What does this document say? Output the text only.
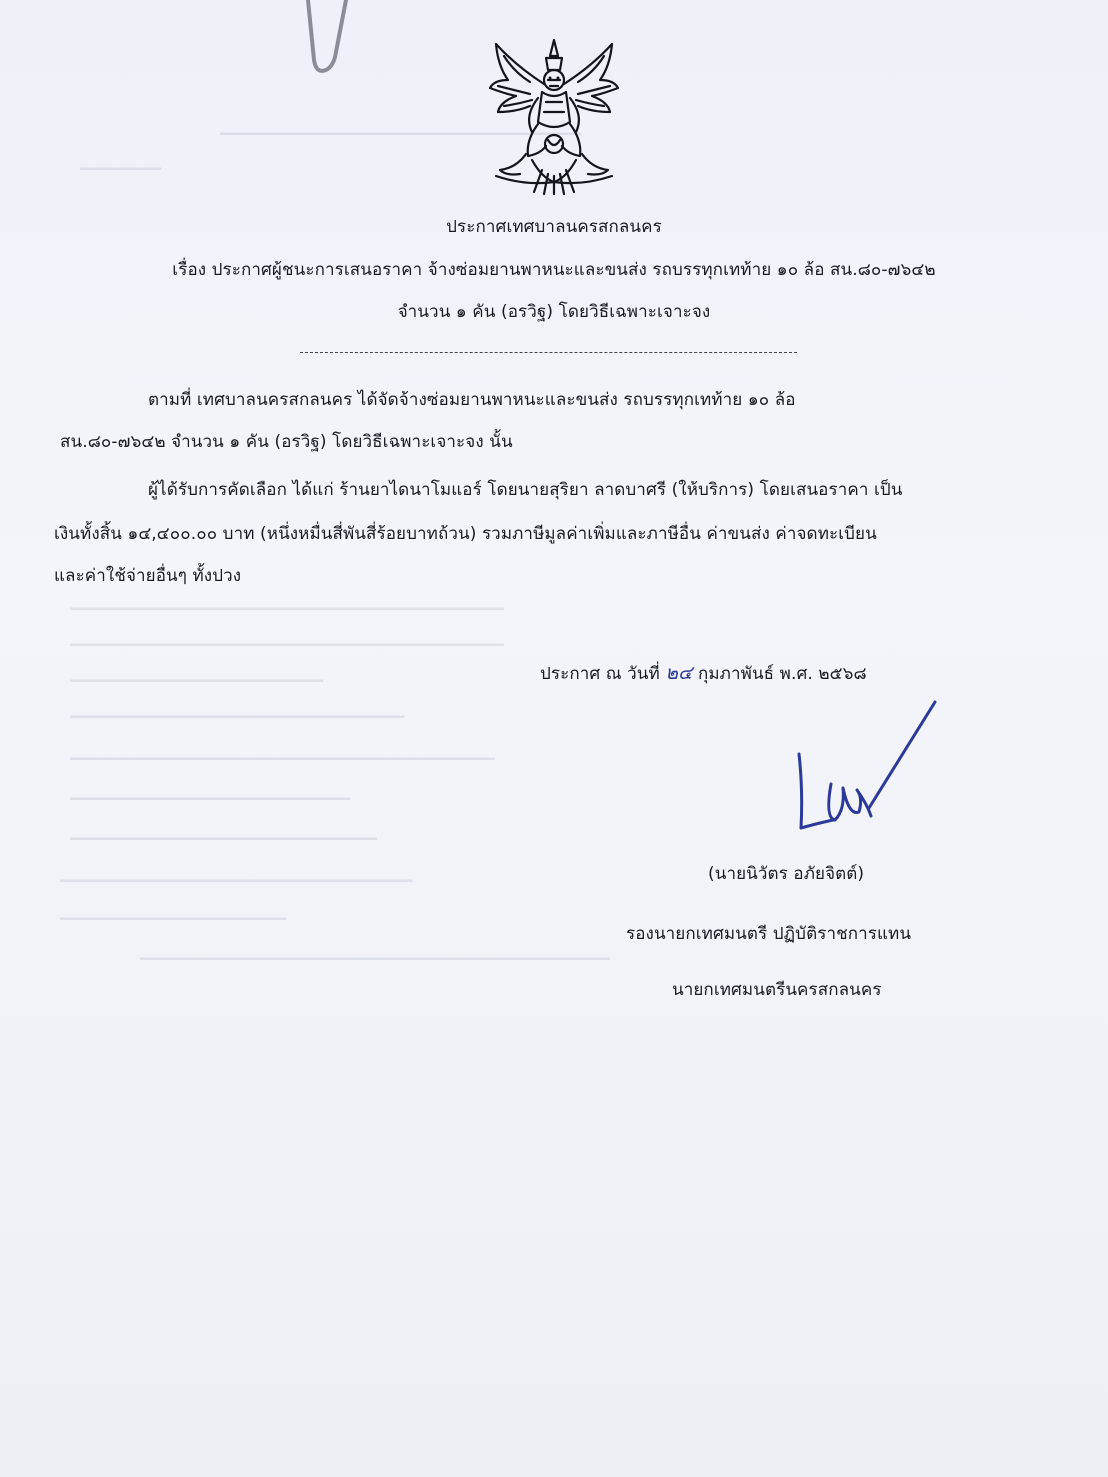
━━━━━━━━━━━━━━━━━━━━━━━━━━━━━━━━━━━━━━━━
━━━━━━━━━
━━━━━━━━━━━━━━━━━━━━━━━━━━━━━━━━━━━━━━━━━━━━━━━━
━━━━━━━━━━━━━━━━━━━━━━━━━━━━━━━━━━━━━━━━━━━━━━━━
━━━━━━━━━━━━━━━━━━━━━━━━━━━━
━━━━━━━━━━━━━━━━━━━━━━━━━━━━━━━━━━━━━
━━━━━━━━━━━━━━━━━━━━━━━━━━━━━━━━━━━━━━━━━━━━━━━
━━━━━━━━━━━━━━━━━━━━━━━━━━━━━━━
━━━━━━━━━━━━━━━━━━━━━━━━━━━━━━━━━━
━━━━━━━━━━━━━━━━━━━━━━━━━━━━━━━━━━━━━━━
━━━━━━━━━━━━━━━━━━━━━━━━━
━━━━━━━━━━━━━━━━━━━━━━━━━━━━━━━━━━━━━━━━━━━━━━━━━━━━
ประกาศเทศบาลนครสกลนคร
เรื่อง ประกาศผู้ชนะการเสนอราคา จ้างซ่อมยานพาหนะและขนส่ง รถบรรทุกเทท้าย ๑๐ ล้อ สน.๘๐-๗๖๔๒
จำนวน ๑ คัน (อรวิฐ) โดยวิธีเฉพาะเจาะจง
ตามที่ เทศบาลนครสกลนคร ได้จัดจ้างซ่อมยานพาหนะและขนส่ง รถบรรทุกเทท้าย ๑๐ ล้อ
สน.๘๐-๗๖๔๒ จำนวน ๑ คัน (อรวิฐ) โดยวิธีเฉพาะเจาะจง นั้น
ผู้ได้รับการคัดเลือก ได้แก่ ร้านยาไดนาโมแอร์ โดยนายสุริยา ลาดบาศรี (ให้บริการ) โดยเสนอราคา เป็น
เงินทั้งสิ้น ๑๔,๔๐๐.๐๐ บาท (หนึ่งหมื่นสี่พันสี่ร้อยบาทถ้วน) รวมภาษีมูลค่าเพิ่มและภาษีอื่น ค่าขนส่ง ค่าจดทะเบียน
และค่าใช้จ่ายอื่นๆ ทั้งปวง
ประกาศ ณ วันที่ ๒๔ กุมภาพันธ์ พ.ศ. ๒๕๖๘
(นายนิวัตร อภัยจิตต์)
รองนายกเทศมนตรี ปฏิบัติราชการแทน
นายกเทศมนตรีนครสกลนคร
